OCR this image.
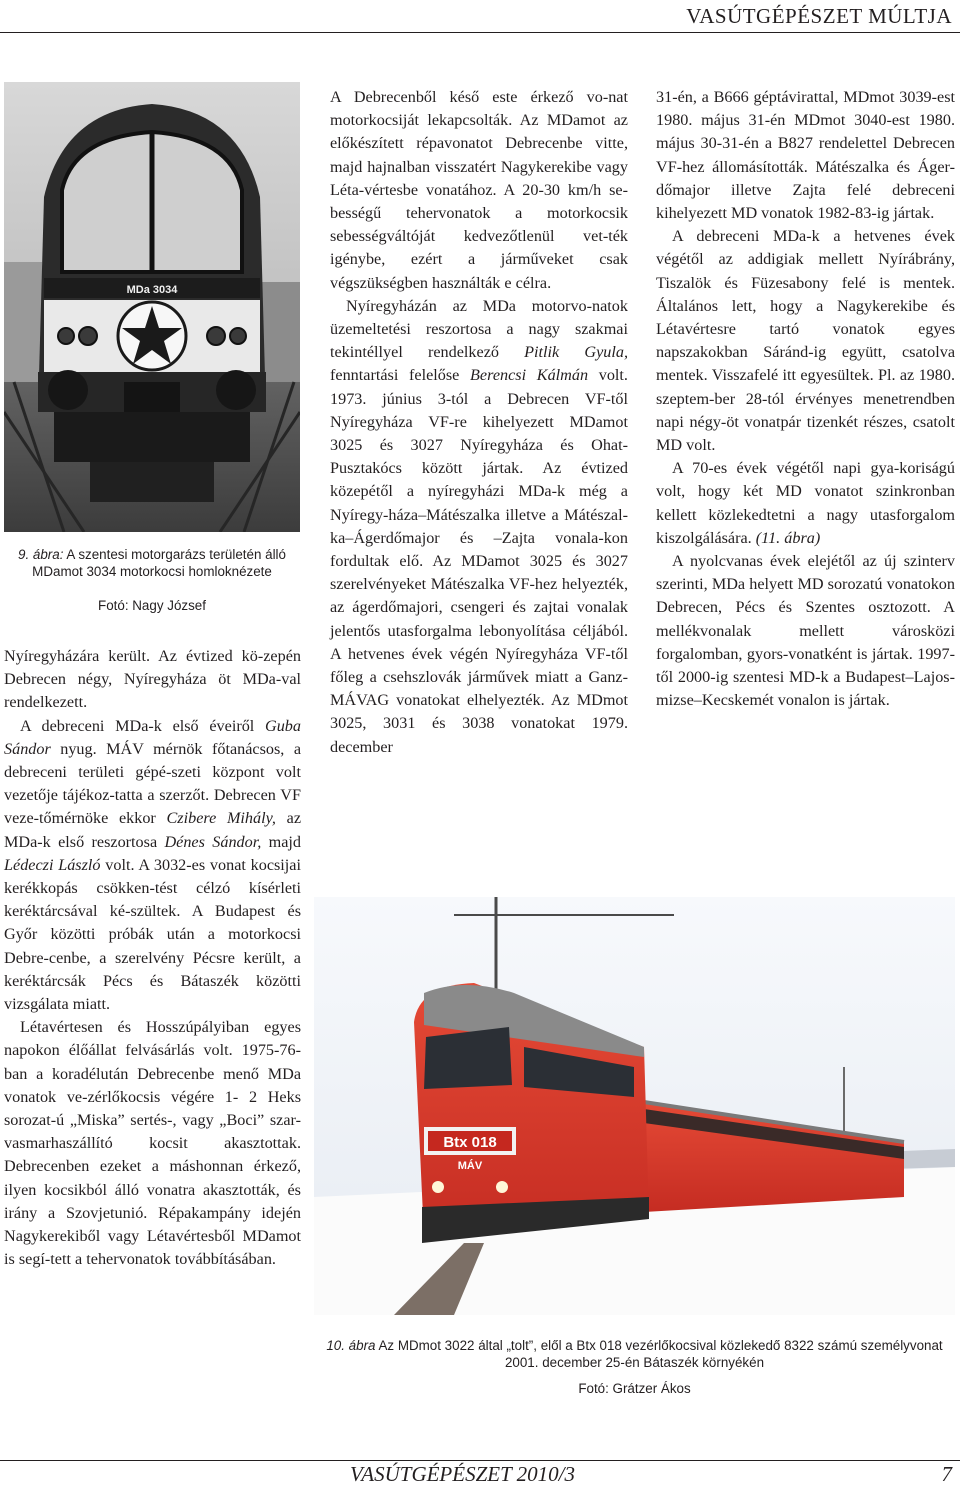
VASÚTGÉPÉSZET MÚLTJA
MDa 3034
9. ábra: A szentesi motorgarázs területén álló MDamot 3034 motorkocsi homloknézete
Fotó: Nagy József

Nyíregyházára került. Az évtized kö-zepén Debrecen négy, Nyíregyháza öt MDa-val rendelkezett.

A debreceni MDa-k első éveiről Guba Sándor nyug. MÁV mérnök főtanácsos, a debreceni területi gépé-szeti központ volt vezetője tájékoz-tatta a szerzőt. Debrecen VF veze-tőmérnöke ekkor Czibere Mihály, az MDa-k első reszortosa Dénes Sándor, majd Lédeczi László volt. A 3032-es vonat kocsijai kerékkopás csökken-tést célzó kísérleti keréktárcsával ké-szültek. A Budapest és Győr közötti próbák után a motorkocsi Debre-cenbe, a szerelvény Pécsre került, a keréktárcsák Pécs és Bátaszék közötti vizsgálata miatt.

Létavértesen és Hosszúpályiban egyes napokon élőállat felvásárlás volt. 1975-76-ban a koradélután Debrecenbe menő MDa vonatok ve-zérlőkocsis végére 1- 2 Heks sorozat-ú „Miska” sertés-, vagy „Boci” szar-vasmarhaszállító kocsit akasztottak. Debrecenben ezeket a máshonnan érkező, ilyen kocsikból álló vonatra akasztották, és irány a Szovjetunió. Répakampány idején Nagykerekiből vagy Létavértesből MDamot is segí-tett a tehervonatok továbbításában.

A Debrecenből késő este érkező vo-nat motorkocsiját lekapcsolták. Az MDamot az előkészített répavonatot Debrecenbe vitte, majd hajnalban visszatért Nagykerekibe vagy Léta-vértesbe vonatához. A 20-30 km/h se-bességű tehervonatok a motorkocsik sebességváltóját kedvezőtlenül vet-ték igénybe, ezért a járműveket csak végszükségben használták e célra.

Nyíregyházán az MDa motorvo-natok üzemeltetési reszortosa a nagy szakmai tekintéllyel rendelkező Pitlik Gyula, fenntartási felelőse Berencsi Kálmán volt. 1973. június 3-tól a Debrecen VF-től Nyíregyháza VF-re kihelyezett MDamot 3025 és 3027 Nyíregyháza és Ohat-Pusztakócs között jártak. Az évtized közepétől a nyíregyházi MDa-k még a Nyíregy-háza–Mátészalka illetve a Mátészal-ka–Ágerdőmajor és –Zajta vonala-kon fordultak elő. Az MDamot 3025 és 3027 szerelvényeket Mátészalka VF-hez helyezték, az ágerdőmajori, csengeri és zajtai vonalak jelentős utasforgalma lebonyolítása céljából. A hetvenes évek végén Nyíregyháza VF-től főleg a csehszlovák járművek miatt a Ganz-MÁVAG vonatokat elhelyezték. Az MDmot 3025, 3031 és 3038 vonatokat 1979. december

31-én, a B666 géptávirattal, MDmot 3039-est 1980. május 31-én MDmot 3040-est 1980. május 30-31-én a B827 rendelettel Debrecen VF-hez állomásították. Mátészalka és Áger-dőmajor illetve Zajta felé debreceni kihelyezett MD vonatok 1982-83-ig jártak.

A debreceni MDa-k a hetvenes évek végétől az addigiak mellett Nyírábrány, Tiszalök és Füzesabony felé is mentek. Általános lett, hogy a Nagykerekibe és Létavértesre tartó vonatok egyes napszakokban Sáránd-ig együtt, csatolva mentek. Visszafelé itt egyesültek. Pl. az 1980. szeptem-ber 28-tól érvényes menetrendben napi négy-öt vonatpár tizenkét részes, csatolt MD volt.

A 70-es évek végétől napi gya-koriságú volt, hogy két MD vonatot szinkronban kellett közlekedtetni a nagy utasforgalom kiszolgálására. (11. ábra)

A nyolcvanas évek elejétől az új szinterv szerinti, MDa helyett MD sorozatú vonatokon Debrecen, Pécs és Szentes osztozott. A mellékvonalak mellett városközi forgalomban, gyors-vonatként is jártak. 1997-től 2000-ig szentesi MD-k a Budapest–Lajos-mizse–Kecskemét vonalon is jártak.

Btx 018
MÁV
10. ábra Az MDmot 3022 által „tolt”, elől a Btx 018 vezérlőkocsival közlekedő 8322 számú személyvonat 2001. december 25-én Bátaszék környékén
Fotó: Grátzer Ákos
VASÚTGÉPÉSZET 2010/3	7
